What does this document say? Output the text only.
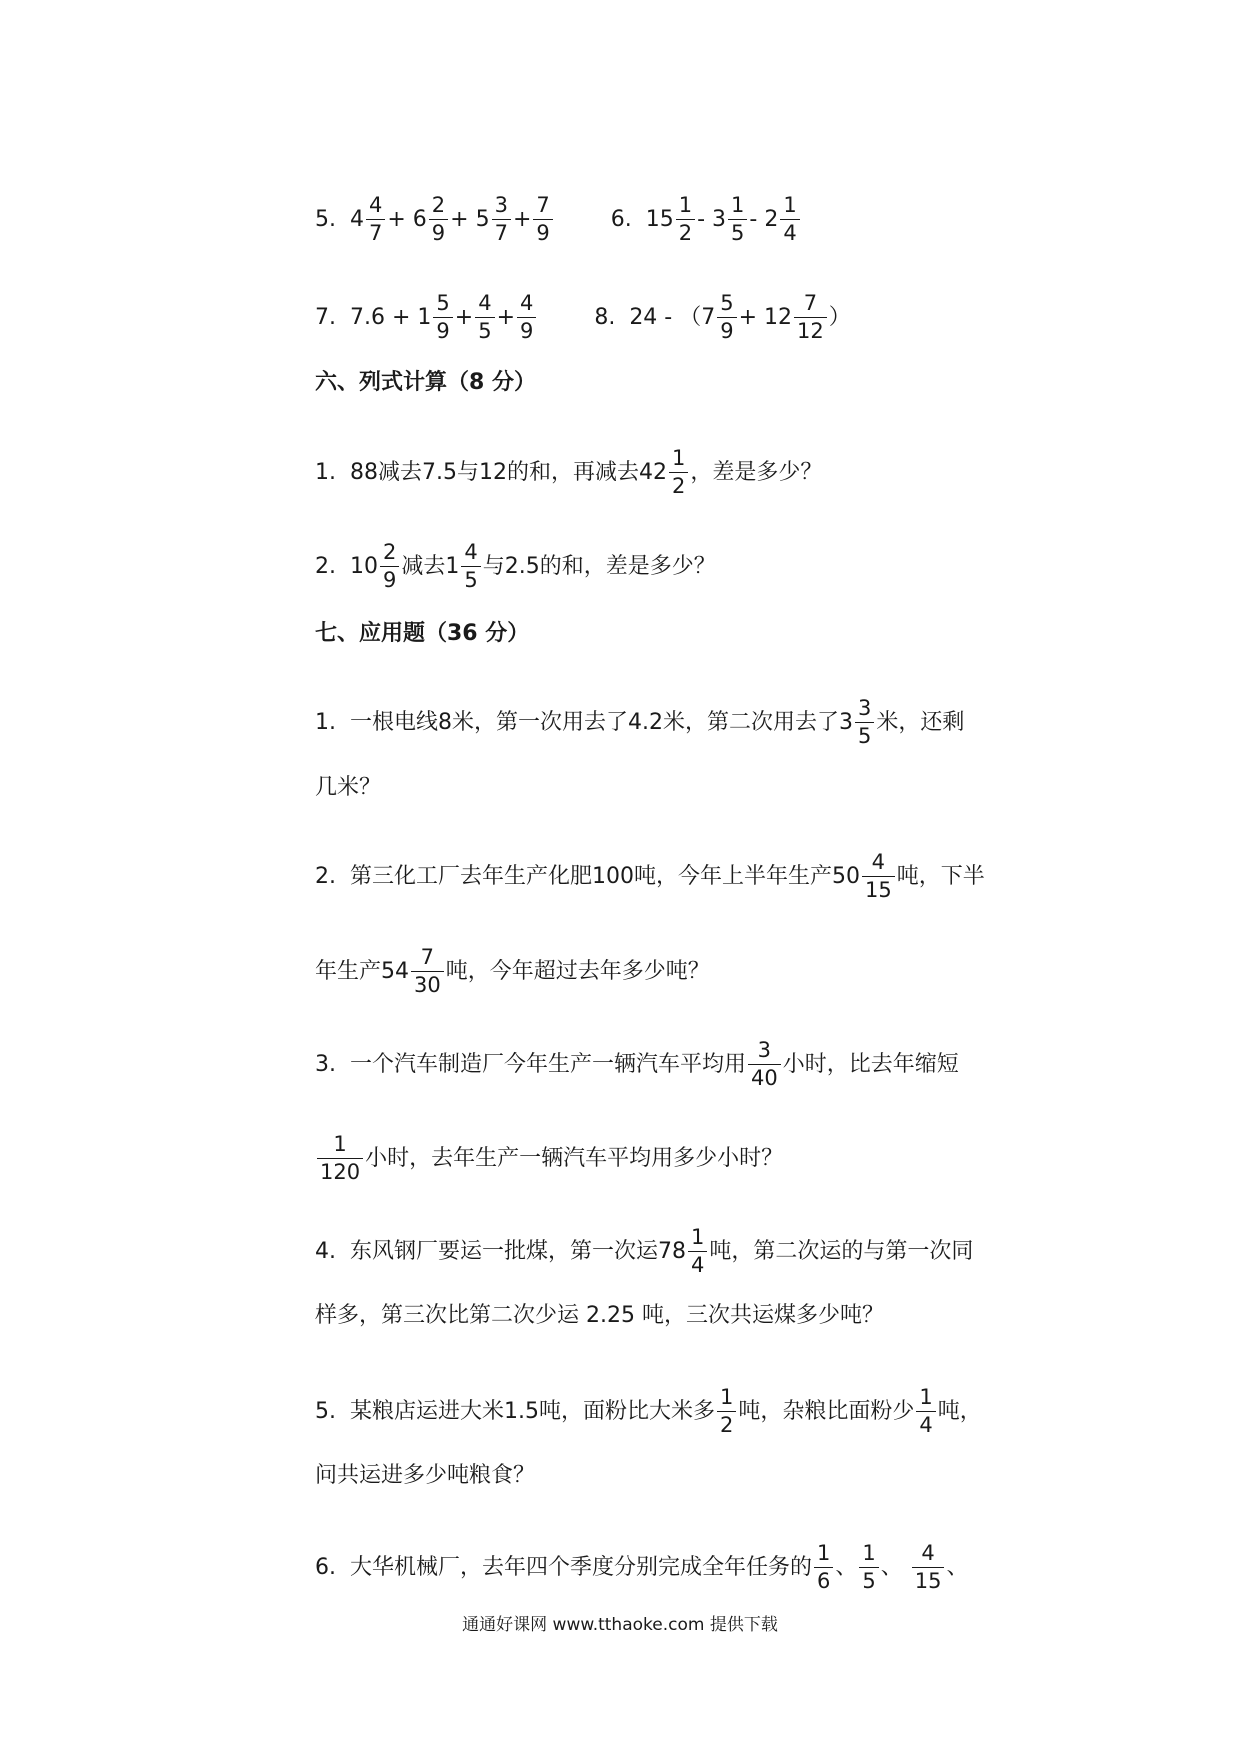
5.  $4 \frac{4}{7} + 6 \frac{2}{9} + 5 \frac{3}{7} + \frac{7}{9} 6$.  $15 \frac{1}{2} - 3 \frac{1}{5} - 2 \frac{1}{4}$
7.  $7.6 + 1 \frac{5}{9} + \frac{4}{5} + \frac{4}{9} 8$.  $24 - (7 \frac{5}{9} + 12 \frac{7}{12}$ ）
六、列式计算（8 分）
1.  88减去7.5与12的和，再减去$42 \frac{1}{2}$ ，差是多少？
2.  $10 \frac{2}{9}$ 减去$1 \frac{4}{5}$ 与2.5的和，差是多少？
七、应用题（36 分）
1.  一根电线8米，第一次用去了4.2米，第二次用去了$3 \frac{3}{5}$ 米，还剩
几米？
2.  第三化工厂去年生产化肥100吨，今年上半年生产$50 \frac{4}{15}$ 吨，下半
年生产$54 \frac{7}{30}$ 吨，今年超过去年多少吨？
3.  一个汽车制造厂今年生产一辆汽车平均用 $\frac{3}{40}$ 小时，比去年缩短
$\frac{1}{120}$ 小时，去年生产一辆汽车平均用多少小时？
4.  东风钢厂要运一批煤，第一次运$78 \frac{1}{4}$ 吨，第二次运的与第一次同
样多，第三次比第二次少运 2.25 吨，三次共运煤多少吨？
5.  某粮店运进大米1.5吨，面粉比大米多 $\frac{1}{2}$ 吨，杂粮比面粉少 $\frac{1}{4}$ 吨，
问共运进多少吨粮食？
6.  大华机械厂，去年四个季度分别完成全年任务的 $\frac{1}{6}$ 、 $\frac{1}{5}$ 、 $\frac{4}{15}$ 、
通通好课网 www.tthaoke.com 提供下载
